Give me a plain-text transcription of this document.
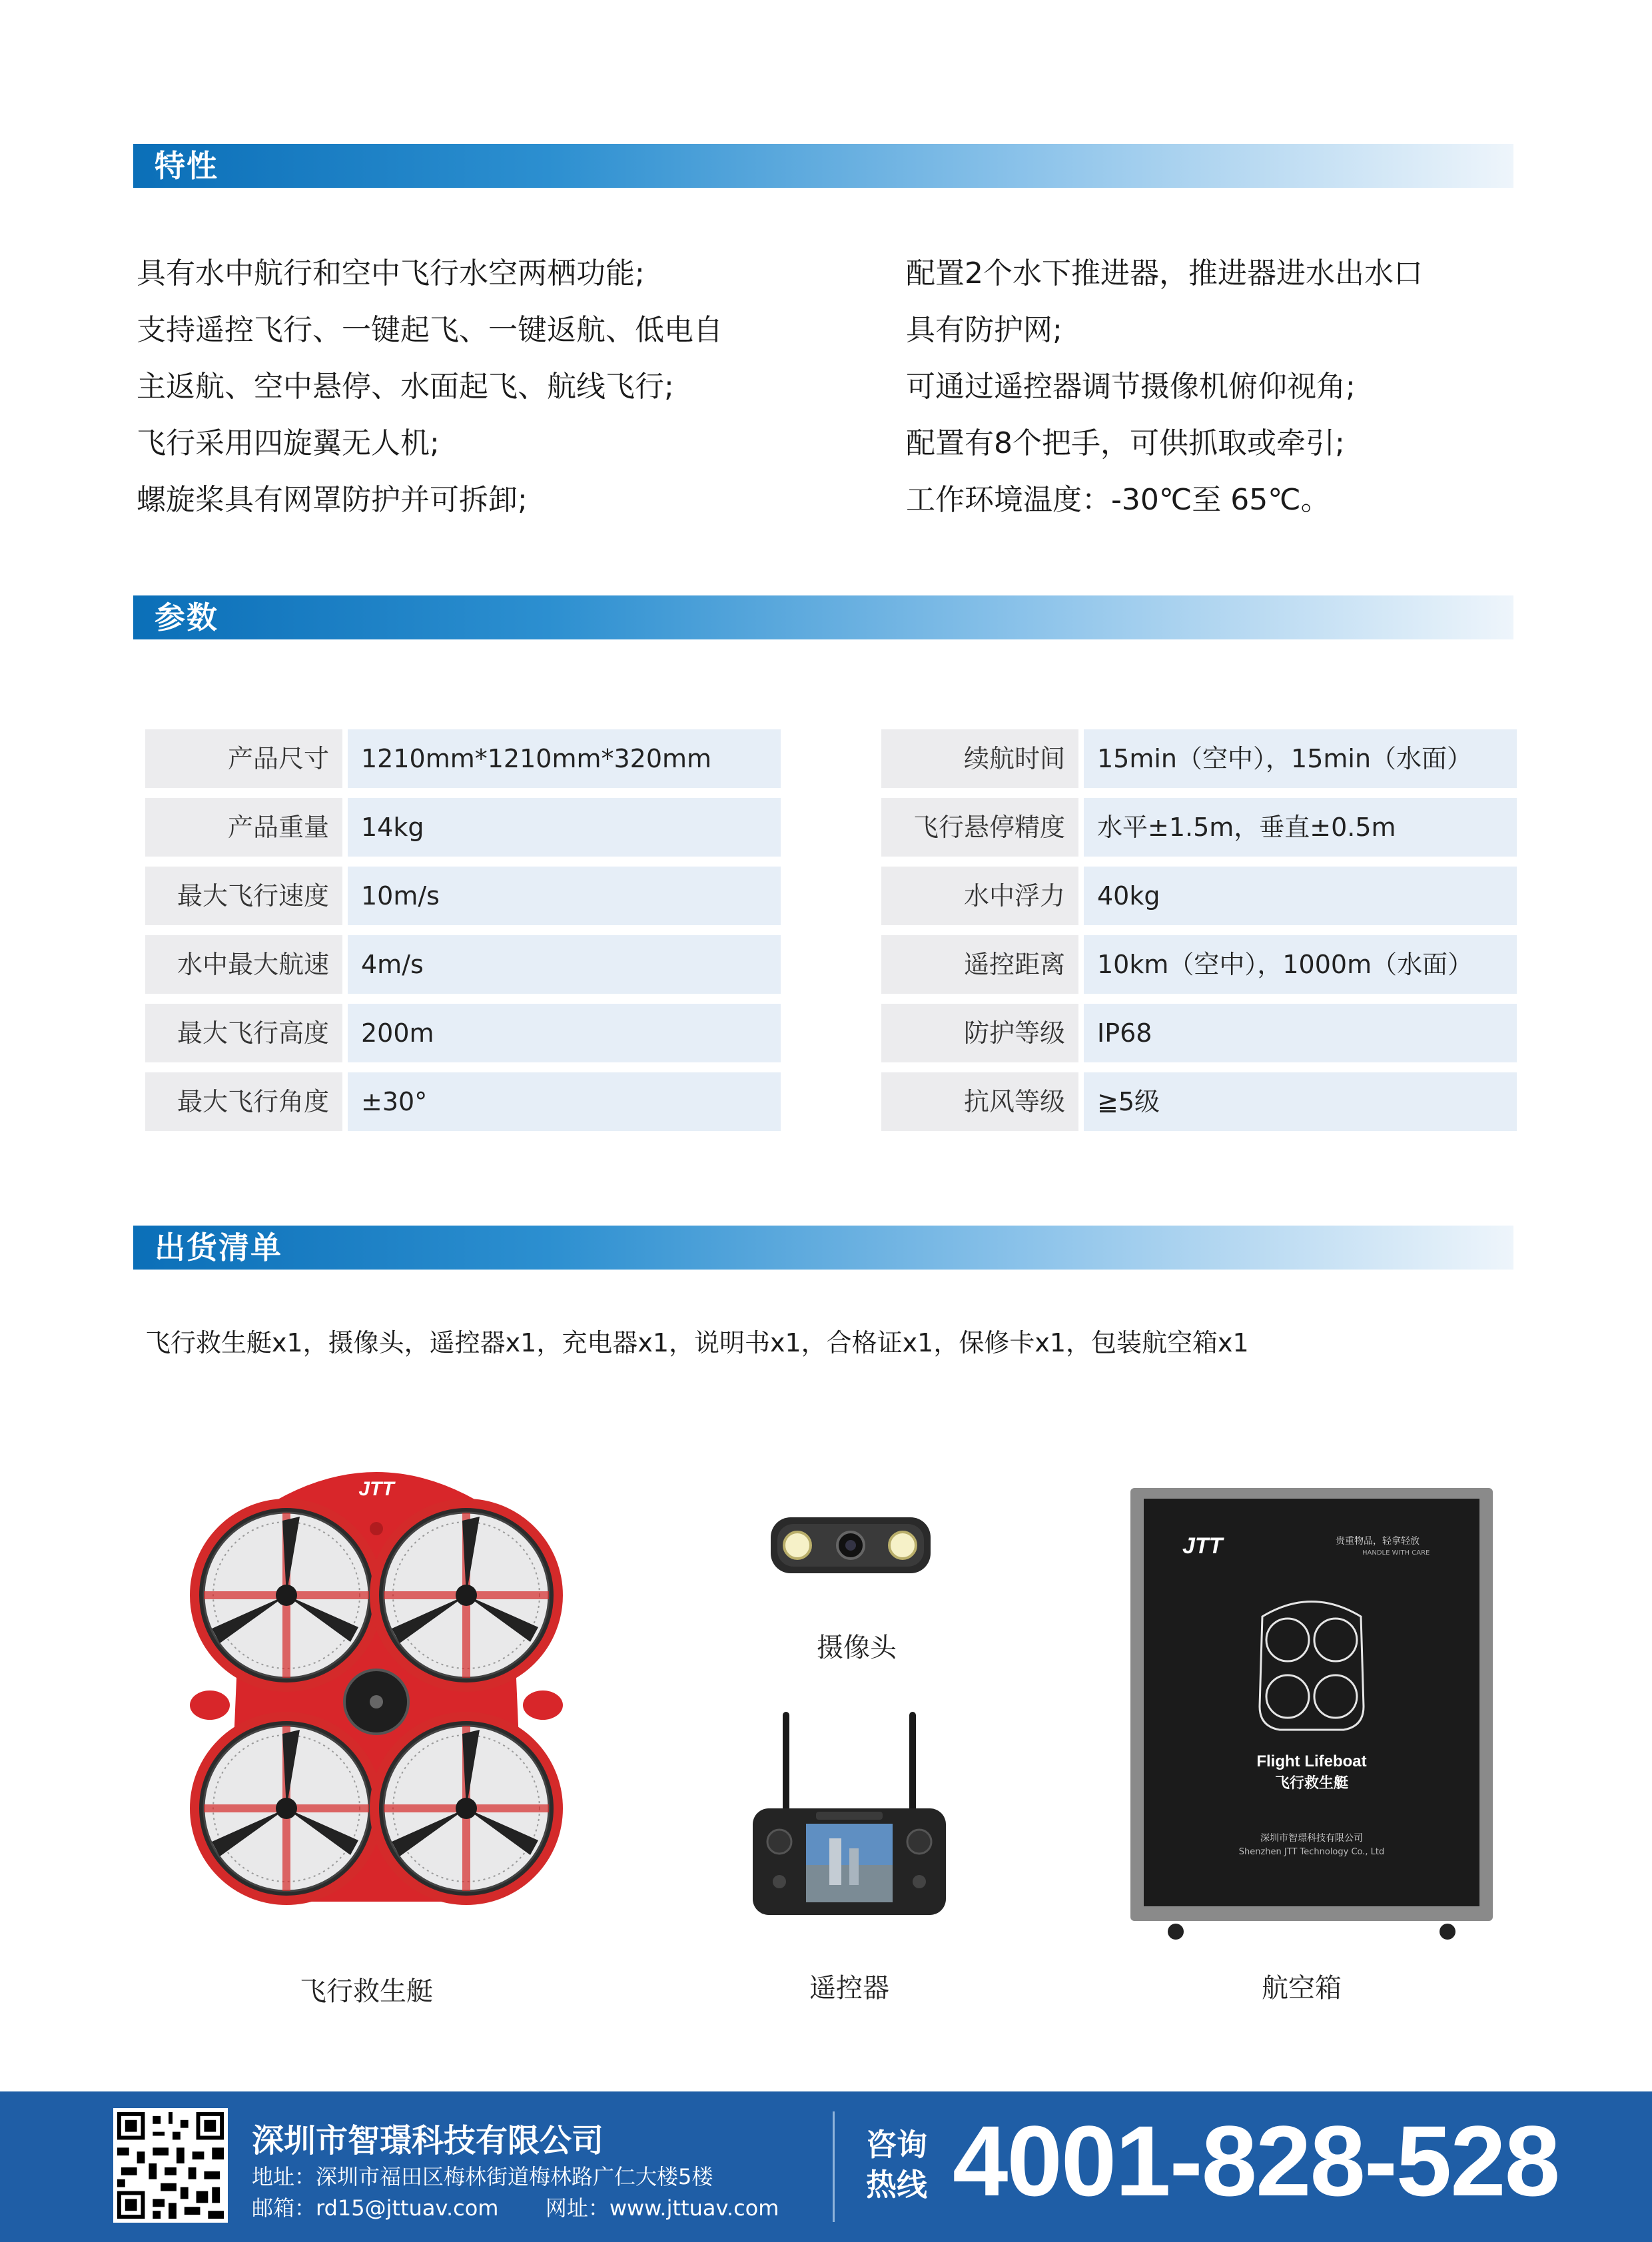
特性
具有水中航行和空中飞行水空两栖功能;
支持遥控飞行、一键起飞、一键返航、低电自
主返航、空中悬停、水面起飞、航线飞行;
飞行采用四旋翼无人机;
螺旋桨具有网罩防护并可拆卸;
配置2个水下推进器，推进器进水出水口
具有防护网;
可通过遥控器调节摄像机俯仰视角;
配置有8个把手，可供抓取或牵引;
工作环境温度：-30℃至 65℃。
参数
产品尺寸	1210mm*1210mm*320mm
产品重量	14kg
最大飞行速度	10m/s
水中最大航速	4m/s
最大飞行高度	200m
最大飞行角度	±30°
续航时间	15min（空中），15min（水面）
飞行悬停精度	水平±1.5m，垂直±0.5m
水中浮力	40kg
遥控距离	10km（空中），1000m（水面）
防护等级	IP68
抗风等级	≧5级
出货清单
飞行救生艇x1，摄像头，遥控器x1，充电器x1，说明书x1，合格证x1，保修卡x1，包装航空箱x1
JTT
飞行救生艇
摄像头
遥控器
JTT	贵重物品，轻拿轻放
HANDLE WITH CARE
Flight Lifeboat
飞行救生艇
深圳市智璟科技有限公司
Shenzhen JTT Technology Co., Ltd
航空箱
深圳市智璟科技有限公司
地址：深圳市福田区梅林街道梅林路广仁大楼5楼
邮箱：rd15@jttuav.com 网址：www.jttuav.com
咨询
热线 4001-828-528
